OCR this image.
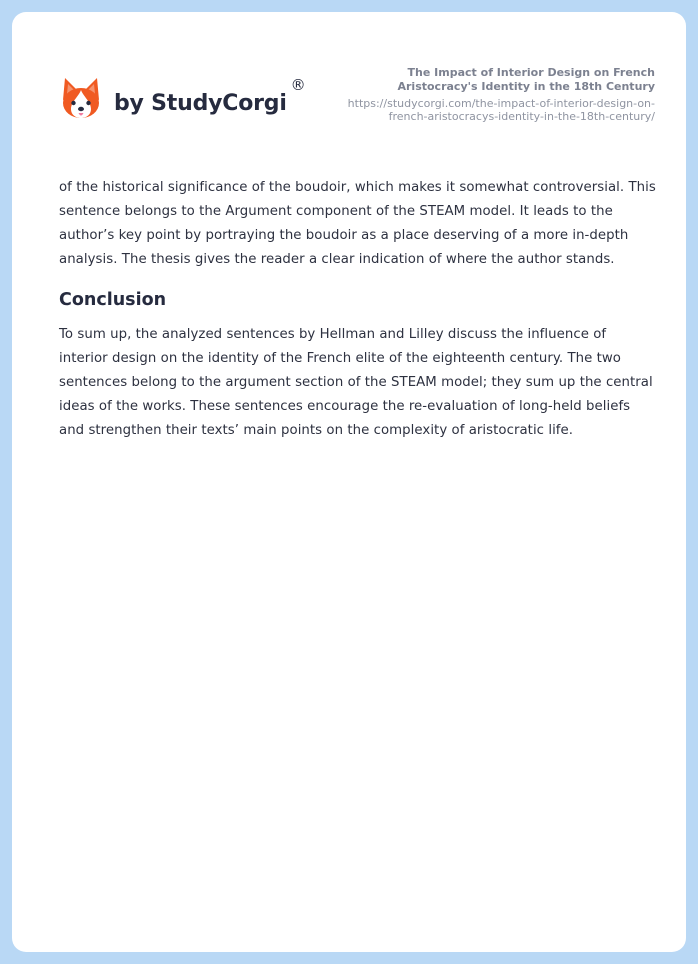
by StudyCorgi
®
The Impact of Interior Design on French Aristocracy's Identity in the 18th Century
https://studycorgi.com/the-impact-of-interior-design-on-french-aristocracys-identity-in-the-18th-century/

of the historical significance of the boudoir, which makes it somewhat controversial. This sentence belongs to the Argument component of the STEAM model. It leads to the author’s key point by portraying the boudoir as a place deserving of a more in-depth analysis. The thesis gives the reader a clear indication of where the author stands.

Conclusion

To sum up, the analyzed sentences by Hellman and Lilley discuss the influence of interior design on the identity of the French elite of the eighteenth century. The two sentences belong to the argument section of the STEAM model; they sum up the central ideas of the works. These sentences encourage the re-evaluation of long-held beliefs and strengthen their texts’ main points on the complexity of aristocratic life.
